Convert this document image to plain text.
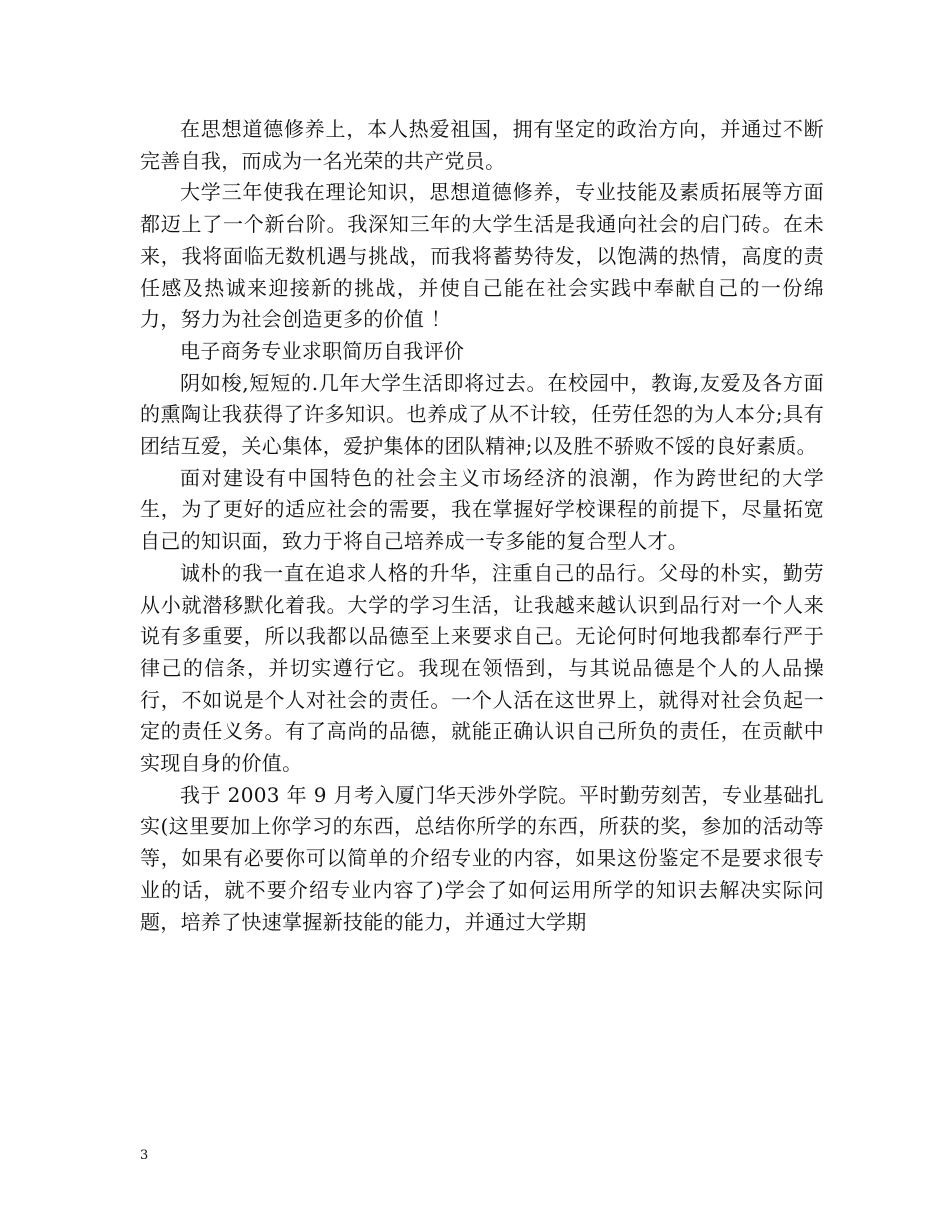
在思想道德修养上，本人热爱祖国，拥有坚定的政治方向，并通过不断完善自我，而成为一名光荣的共产党员。

大学三年使我在理论知识，思想道德修养，专业技能及素质拓展等方面都迈上了一个新台阶。我深知三年的大学生活是我通向社会的启门砖。在未来，我将面临无数机遇与挑战，而我将蓄势待发，以饱满的热情，高度的责任感及热诚来迎接新的挑战，并使自己能在社会实践中奉献自己的一份绵力，努力为社会创造更多的价值 ！

电子商务专业求职简历自我评价

阴如梭,短短的.几年大学生活即将过去。在校园中，教诲,友爱及各方面的熏陶让我获得了许多知识。也养成了从不计较，任劳任怨的为人本分;具有团结互爱，关心集体，爱护集体的团队精神;以及胜不骄败不馁的良好素质。

面对建设有中国特色的社会主义市场经济的浪潮，作为跨世纪的大学生，为了更好的适应社会的需要，我在掌握好学校课程的前提下，尽量拓宽自己的知识面，致力于将自己培养成一专多能的复合型人才。

诚朴的我一直在追求人格的升华，注重自己的品行。父母的朴实，勤劳从小就潜移默化着我。大学的学习生活，让我越来越认识到品行对一个人来说有多重要，所以我都以品德至上来要求自己。无论何时何地我都奉行严于律己的信条，并切实遵行它。我现在领悟到，与其说品德是个人的人品操行，不如说是个人对社会的责任。一个人活在这世界上，就得对社会负起一定的责任义务。有了高尚的品德，就能正确认识自己所负的责任，在贡献中实现自身的价值。

我于 2003 年 9 月考入厦门华天涉外学院。平时勤劳刻苦，专业基础扎实(这里要加上你学习的东西，总结你所学的东西，所获的奖，参加的活动等等，如果有必要你可以简单的介绍专业的内容，如果这份鉴定不是要求很专业的话，就不要介绍专业内容了)学会了如何运用所学的知识去解决实际问题，培养了快速掌握新技能的能力，并通过大学期

3
